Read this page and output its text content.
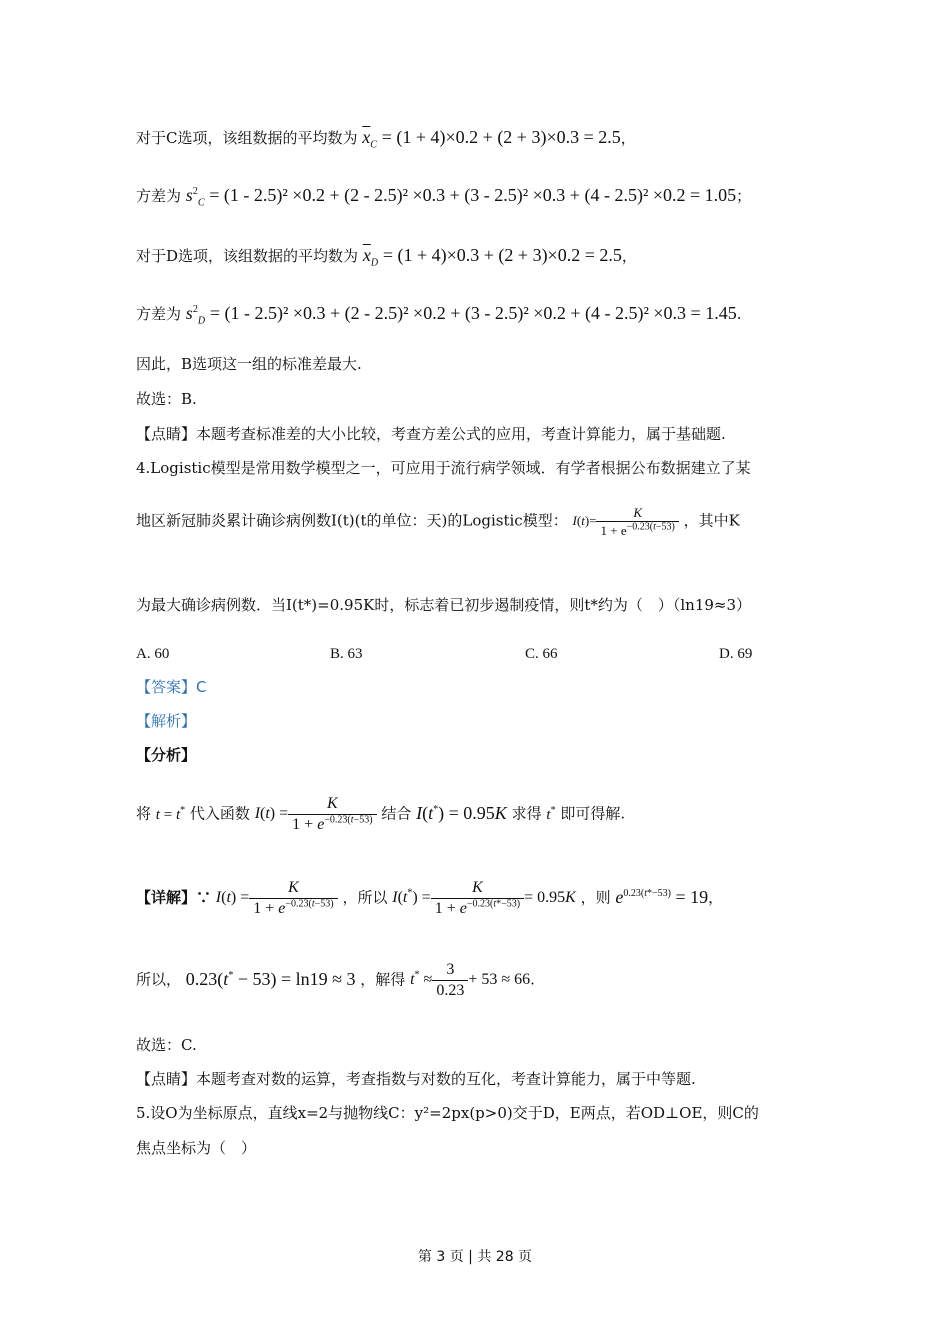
对于C选项，该组数据的平均数为 $\overline{x}_C = (1 + 4)\times 0.2 + (2 + 3)\times 0.3 = 2.5$，
方差为 $s^2_C = (1 - 2.5)^2 \times 0.2 + (2 - 2.5)^2 \times 0.3 + (3 - 2.5)^2 \times 0.3 + (4 - 2.5)^2 \times 0.2 = 1.05$；
对于D选项，该组数据的平均数为 $\overline{x}_D = (1 + 4)\times 0.3 + (2 + 3)\times 0.2 = 2.5$，
方差为 $s^2_D = (1 - 2.5)^2 \times 0.3 + (2 - 2.5)^2 \times 0.2 + (3 - 2.5)^2 \times 0.2 + (4 - 2.5)^2 \times 0.3 = 1.45$.
因此，B选项这一组的标准差最大.
故选：B.
【点睛】本题考查标准差的大小比较，考查方差公式的应用，考查计算能力，属于基础题.
4.Logistic模型是常用数学模型之一，可应用于流行病学领域．有学者根据公布数据建立了某
地区新冠肺炎累计确诊病例数I(t)(t的单位：天)的Logistic模型： $I(t)= \frac{K}{1 + e^{-0.23(t-53)}}$ ，其中K
为最大确诊病例数．当I(t*)=0.95K时，标志着已初步遏制疫情，则t*约为（　）（ln19≈3）
A. 60	B. 63	C. 66	D. 69
【答案】C
【解析】
【分析】
将 t = t* 代入函数 $I(t) = \frac{K}{1 + e^{-0.23(t-53)}}$ 结合 I(t*) = 0.95K 求得 t* 即可得解.
【详解】∵ $I(t) = \frac{K}{1 + e^{-0.23(t-53)}}$ ，所以 $I(t^*) = \frac{K}{1 + e^{-0.23(t*-53)}} = 0.95K$ ，则 $e^{0.23(t*-53)} = 19$，
所以， 0.23(t* − 53) = ln19 ≈ 3 ，解得 $t^* \approx \frac{3}{0.23} + 53 \approx 66$ .
故选：C.
【点睛】本题考查对数的运算，考查指数与对数的互化，考查计算能力，属于中等题.
5.设O为坐标原点，直线x=2与抛物线C：y²=2px(p>0)交于D，E两点，若OD⊥OE，则C的
焦点坐标为（　）
第 3 页 | 共 28 页
